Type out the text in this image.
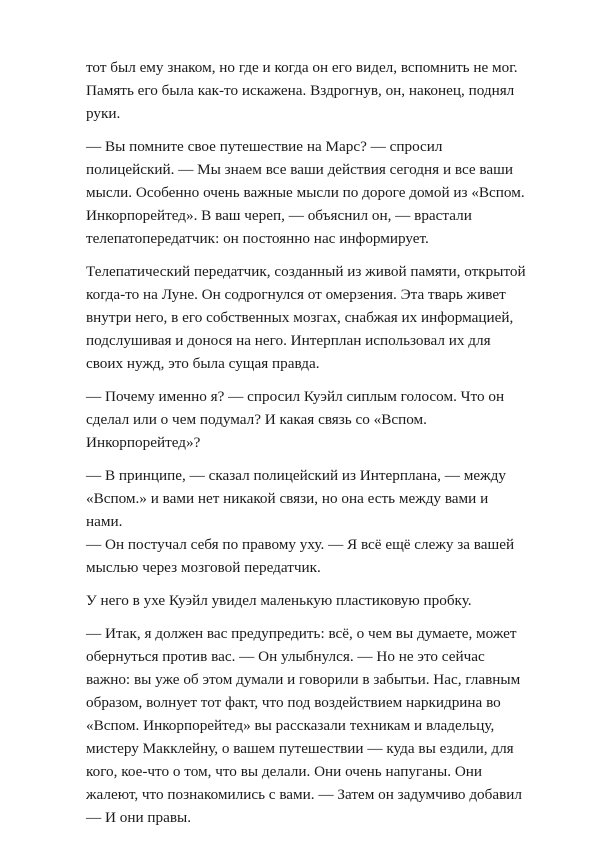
тот был ему знаком, но где и когда он его видел, вспомнить не мог.
Память его была как-то искажена. Вздрогнув, он, наконец, поднял
руки.

— Вы помните свое путешествие на Марс? — спросил
полицейский. — Мы знаем все ваши действия сегодня и все ваши
мысли. Особенно очень важные мысли по дороге домой из «Вспом.
Инкорпорейтед». В ваш череп, — объяснил он, — врастали
телепатопередатчик: он постоянно нас информирует.

Телепатический передатчик, созданный из живой памяти, открытой
когда-то на Луне. Он содрогнулся от омерзения. Эта тварь живет
внутри него, в его собственных мозгах, снабжая их информацией,
подслушивая и донося на него. Интерплан использовал их для
своих нужд, это была сущая правда.

— Почему именно я? — спросил Куэйл сиплым голосом. Что он
сделал или о чем подумал? И какая связь со «Вспом.
Инкорпорейтед»?

— В принципе, — сказал полицейский из Интерплана, — между
«Вспом.» и вами нет никакой связи, но она есть между вами и нами.
— Он постучал себя по правому уху. — Я всё ещё слежу за вашей
мыслью через мозговой передатчик.

У него в ухе Куэйл увидел маленькую пластиковую пробку.

— Итак, я должен вас предупредить: всё, о чем вы думаете, может
обернуться против вас. — Он улыбнулся. — Но не это сейчас
важно: вы уже об этом думали и говорили в забытьи. Нас, главным
образом, волнует тот факт, что под воздействием наркидрина во
«Вспом. Инкорпорейтед» вы рассказали техникам и владельцу,
мистеру Макклейну, о вашем путешествии — куда вы ездили, для
кого, кое-что о том, что вы делали. Они очень напуганы. Они
жалеют, что познакомились с вами. — Затем он задумчиво добавил
— И они правы.
